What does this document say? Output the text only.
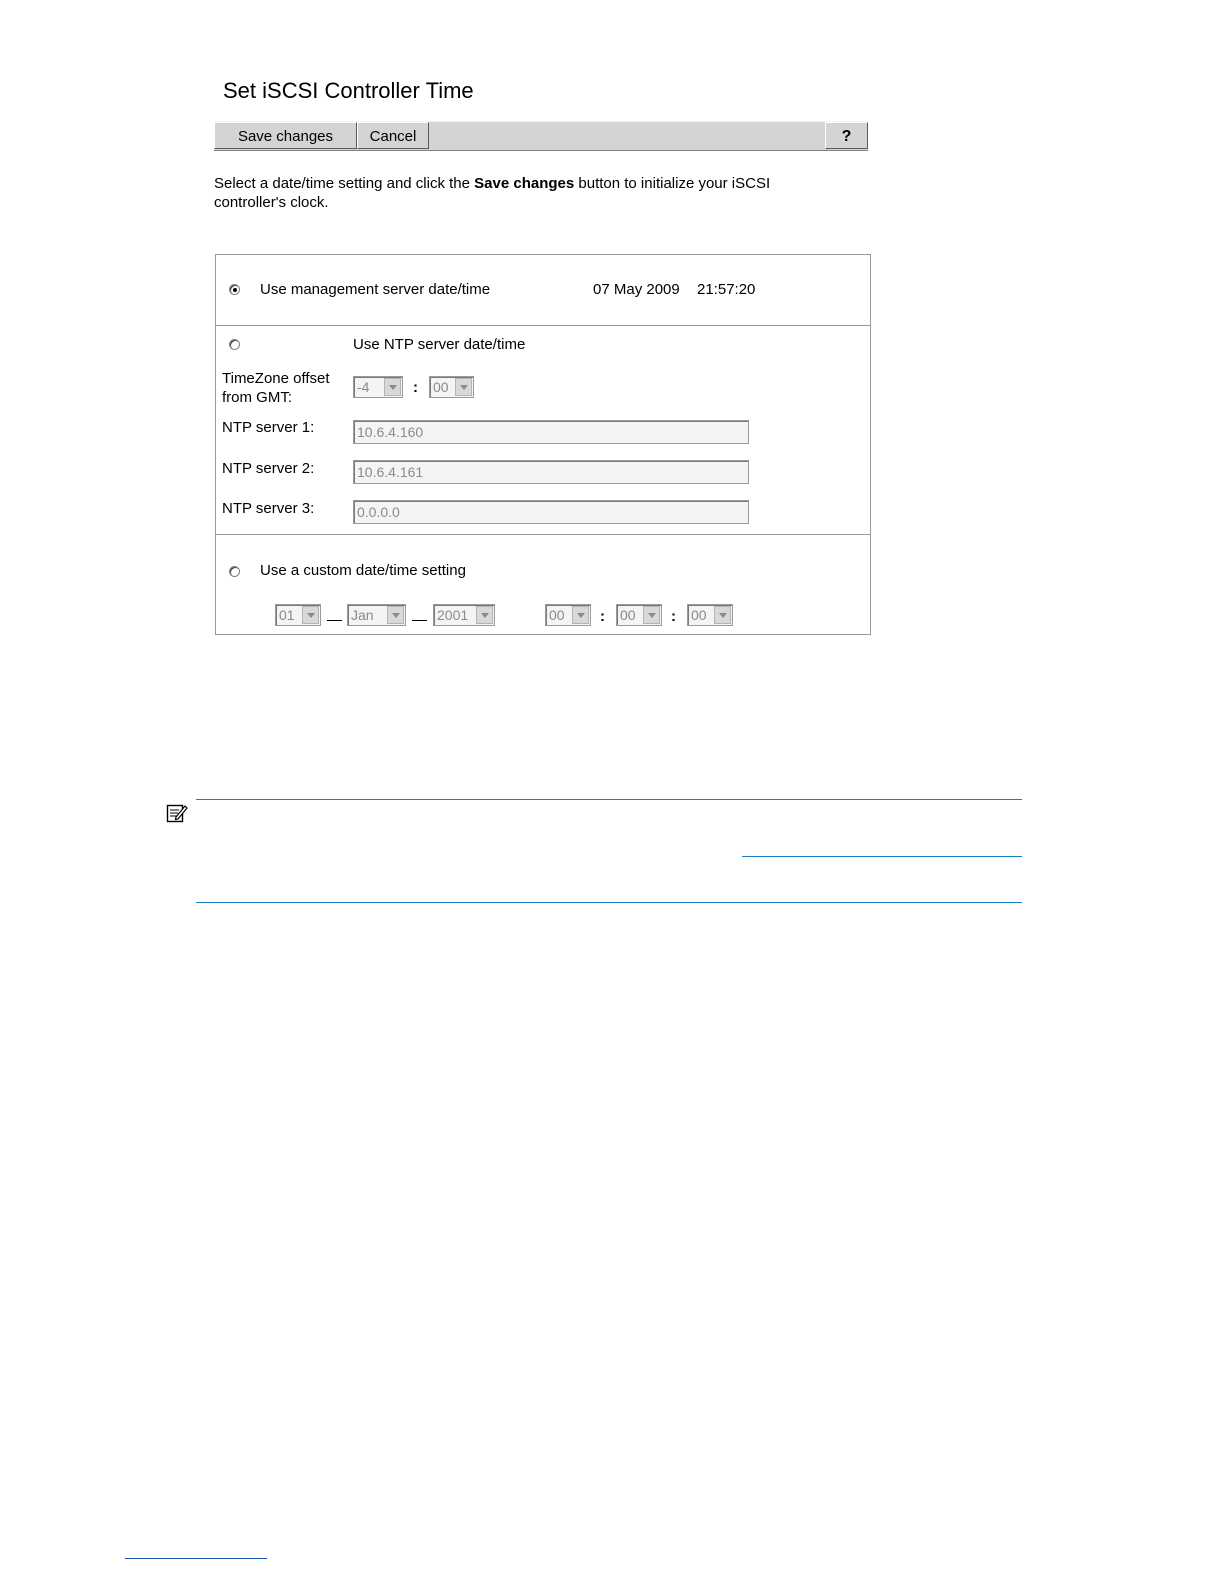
Set iSCSI Controller Time
Save changes	Cancel	?
Select a date/time setting and click the Save changes button to initialize your iSCSI controller's clock.
Use management server date/time	07 May 2009 21:57:20
Use NTP server date/time
TimeZone offset from GMT:
-4	: 00
NTP server 1:	10.6.4.160
NTP server 2:	10.6.4.161
NTP server 3:	0.0.0.0
Use a custom date/time setting
01	Jan	2001	00 : 00 : 00
